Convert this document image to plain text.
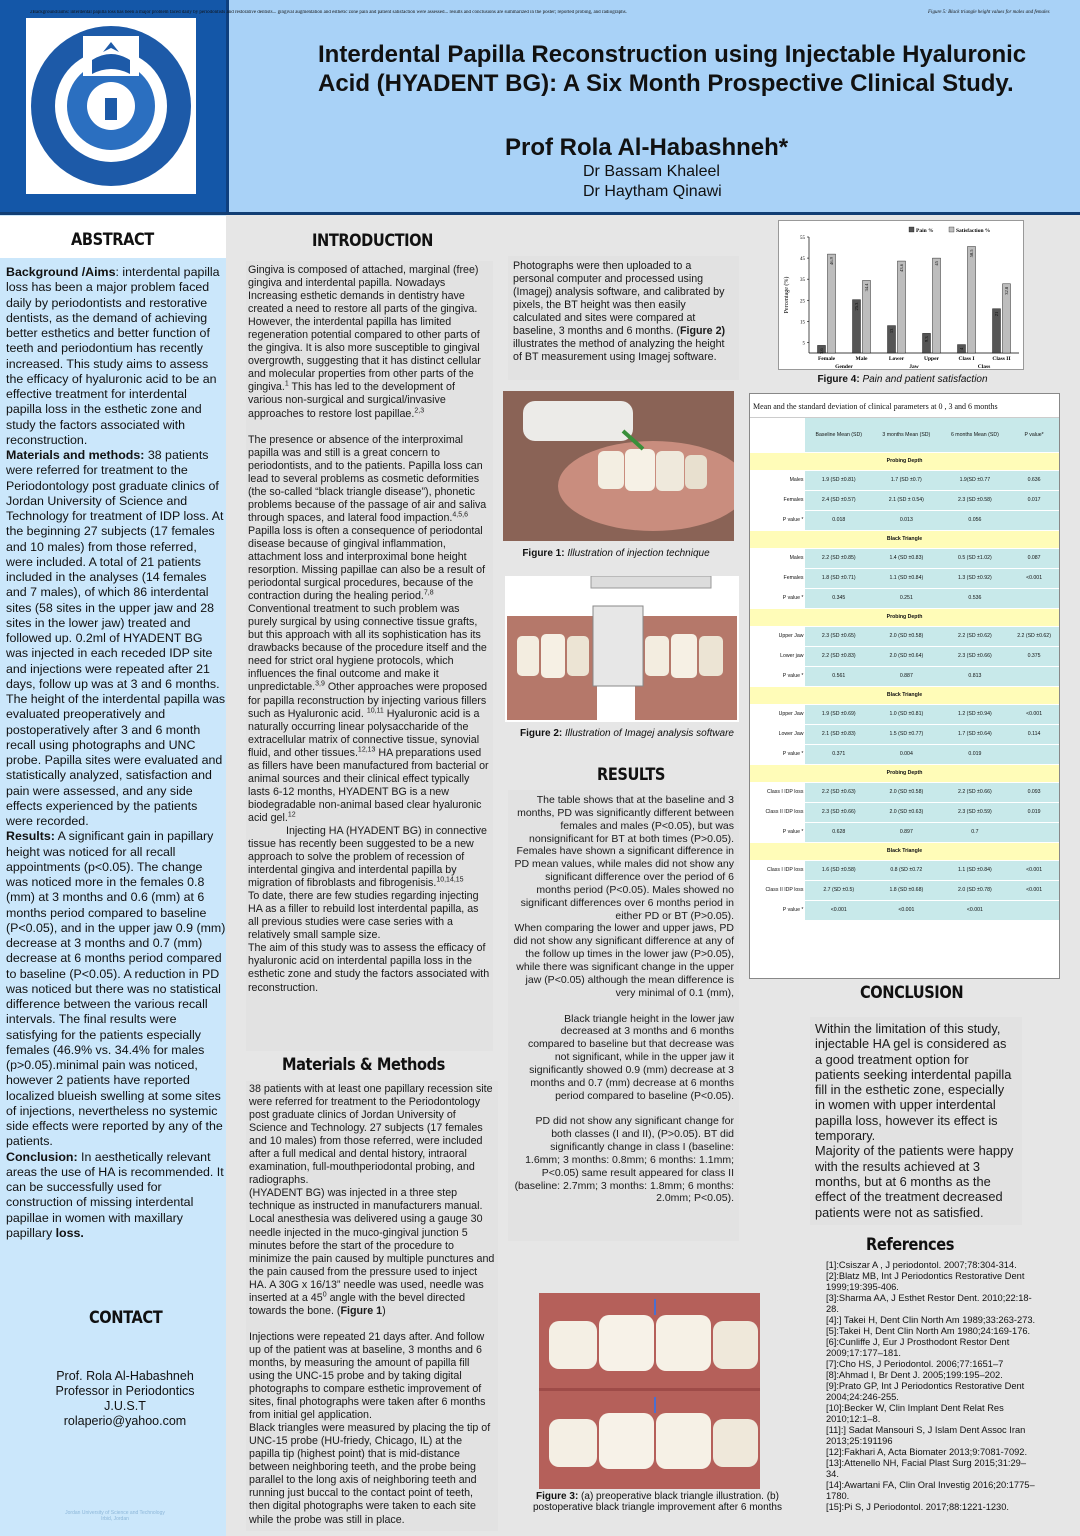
2Background/aims: interdental papilla loss has been a major problem faced daily by periodontists and restorative dentists... gingival augmentation and esthetic zone pain and patient satisfaction were assessed... results and conclusions are summarized in the poster; reported probing, and radiographs.	Figure 5: Black triangle height values for males and females
Interdental Papilla Reconstruction using Injectable Hyaluronic Acid (HYADENT BG): A Six Month Prospective Clinical Study.
Prof Rola Al-Habashneh*
Dr Bassam Khaleel
Dr Haytham Qinawi
ABSTRACT
Background /Aims: interdental papilla loss has been a major problem faced daily by periodontists and restorative dentists, as the demand of achieving better esthetics and better function of teeth and periodontium has recently increased. This study aims to assess the efficacy of hyaluronic acid to be an effective treatment for interdental papilla loss in the esthetic zone and study the factors associated with reconstruction.
Materials and methods: 38 patients were referred for treatment to the Periodontology post graduate clinics of Jordan University of Science and Technology for treatment of IDP loss. At the beginning 27 subjects (17 females and 10 males) from those referred, were included. A total of 21 patients included in the analyses (14 females and 7 males), of which 86 interdental sites (58 sites in the upper jaw and 28 sites in the lower jaw) treated and followed up. 0.2ml of HYADENT BG was injected in each receded IDP site and injections were repeated after 21 days, follow up was at 3 and 6 months. The height of the interdental papilla was evaluated preoperatively and postoperatively after 3 and 6 month recall using photographs and UNC probe. Papilla sites were evaluated and statistically analyzed, satisfaction and pain were assessed, and any side effects experienced by the patients were recorded.
Results: A significant gain in papillary height was noticed for all recall appointments (p<0.05). The change was noticed more in the females 0.8 (mm) at 3 months and 0.6 (mm) at 6 months period compared to baseline (P<0.05), and in the upper jaw 0.9 (mm) decrease at 3 months and 0.7 (mm) decrease at 6 months period compared to baseline (P<0.05). A reduction in PD was noticed but there was no statistical difference between the various recall intervals. The final results were satisfying for the patients especially females (46.9% vs. 34.4% for males (p>0.05).minimal pain was noticed, however 2 patients have reported localized blueish swelling at some sites of injections, nevertheless no systemic side effects were reported by any of the patients.
Conclusion: In aesthetically relevant areas the use of HA is recommended. It can be successfully used for construction of missing interdental papillae in women with maxillary papillary loss.
CONTACT
Prof. Rola Al-Habashneh
Professor in Periodontics
J.U.S.T
rolaperio@yahoo.com
Jordan University of Science and Technology Irbid, Jordan
INTRODUCTION

Gingiva is composed of attached, marginal (free) gingiva and interdental papilla. Nowadays Increasing esthetic demands in dentistry have created a need to restore all parts of the gingiva. However, the interdental papilla has limited regeneration potential compared to other parts of the gingiva. It is also more susceptible to gingival overgrowth, suggesting that it has distinct cellular and molecular properties from other parts of the gingiva.$^1$ This has led to the development of various non-surgical and surgical/invasive approaches to restore lost papillae.$^{2,3}$

The presence or absence of the interproximal papilla was and still is a great concern to periodontists, and to the patients. Papilla loss can lead to several problems as cosmetic deformities (the so-called “black triangle disease”), phonetic problems because of the passage of air and saliva through spaces, and lateral food impaction.$^{4,5,6}$ Papilla loss is often a consequence of periodontal disease because of gingival inflammation, attachment loss and interproximal bone height resorption. Missing papillae can also be a result of periodontal surgical procedures, because of the contraction during the healing period.$^{7,8}$

Conventional treatment to such problem was purely surgical by using connective tissue grafts, but this approach with all its sophistication has its drawbacks because of the procedure itself and the need for strict oral hygiene protocols, which influences the final outcome and make it unpredictable.$^{3,9}$ Other approaches were proposed for papilla reconstruction by injecting various fillers such as Hyaluronic acid. $^{10,11}$ Hyaluronic acid is a naturally occurring linear polysaccharide of the extracellular matrix of connective tissue, synovial fluid, and other tissues.$^{12,13}$ HA preparations used as fillers have been manufactured from bacterial or animal sources and their clinical effect typically lasts 6-12 months, HYADENT BG is a new biodegradable non-animal based clear hyaluronic acid gel.$^{12}$

Injecting HA (HYADENT BG) in connective tissue has recently been suggested to be a new approach to solve the problem of recession of interdental gingiva and interdental papilla by migration of fibroblasts and fibrogenisis.$^{10,14,15}$

To date, there are few studies regarding injecting HA as a filler to rebuild lost interdental papilla, as all previous studies were case series with a relatively small sample size.

The aim of this study was to assess the efficacy of hyaluronic acid on interdental papilla loss in the esthetic zone and study the factors associated with reconstruction.

Materials & Methods

38 patients with at least one papillary recession site were referred for treatment to the Periodontology post graduate clinics of Jordan University of Science and Technology. 27 subjects (17 females and 10 males) from those referred, were included after a full medical and dental history, intraoral examination, full-mouthperiodontal probing, and radiographs.

(HYADENT BG) was injected in a three step technique as instructed in manufacturers manual. Local anesthesia was delivered using a gauge 30 needle injected in the muco-gingival junction 5 minutes before the start of the procedure to minimize the pain caused by multiple punctures and the pain caused from the pressure used to inject HA. A 30G x 16/13” needle was used, needle was inserted at a $45^0$ angle with the bevel directed towards the bone. (Figure 1)

Injections were repeated 21 days after. And follow up of the patient was at baseline, 3 months and 6 months, by measuring the amount of papilla fill using the UNC-15 probe and by taking digital photographs to compare esthetic improvement of sites, final photographs were taken after 6 months from initial gel application.

Black triangles were measured by placing the tip of UNC-15 probe (HU-friedy, Chicago, IL) at the papilla tip (highest point) that is mid-distance between neighboring teeth, and the probe being parallel to the long axis of neighboring teeth and running just buccal to the contact point of teeth, then digital photographs were taken to each site while the probe was still in place.

Photographs were then uploaded to a personal computer and processed using (Imagej) analysis software, and calibrated by pixels, the BT height was then easily calculated and sites were compared at baseline, 3 months and 6 months. (Figure 2) illustrates the method of analyzing the height of BT measurement using Imagej software.
Figure 1: Illustration of injection technique
Figure 2: Illustration of Imagej analysis software
RESULTS

The table shows that at the baseline and 3 months, PD was significantly different between females and males (P<0.05), but was nonsignificant for BT at both times (P>0.05). Females have shown a significant difference in PD mean values, while males did not show any significant difference over the period of 6 months period (P<0.05). Males showed no significant differences over 6 months period in either PD or BT (P>0.05).

When comparing the lower and upper jaws, PD did not show any significant difference at any of the follow up times in the lower jaw (P>0.05), while there was significant change in the upper jaw (P<0.05) although the mean difference is very minimal of 0.1 (mm),

Black triangle height in the lower jaw decreased at 3 months and 6 months compared to baseline but that decrease was not significant, while in the upper jaw it significantly showed 0.9 (mm) decrease at 3 months and 0.7 (mm) decrease at 6 months period compared to baseline (P<0.05).

PD did not show any significant change for both classes (I and II), (P>0.05). BT did significantly change in class I (baseline: 1.6mm; 3 months: 0.8mm; 6 months: 1.1mm; P<0.05) same result appeared for class II (baseline: 2.7mm; 3 months: 1.8mm; 6 months: 2.0mm; P<0.05).

Figure 3: (a) preoperative black triangle illustration. (b) postoperative black triangle improvement after 6 months
5
15
25
35
45
55
Percentage (%)
Pain %	Satisfaction %
3.6
46.9
Female
25.3
34.4
Male
13
43.6
Lower
9.3
45
Upper
4
50.5
Class I
21
32.8
Class II
Gender	Jaw	Class
Figure 4: Pain and patient satisfaction
Mean and the standard deviation of clinical parameters at 0 , 3 and 6 months
	Baseline Mean (SD)	3 months Mean (SD)	6 months Mean (SD)	P value*
Probing Depth				
Males	1.9 (SD ±0.81)	1.7 (SD ±0.7)	1.9(SD ±0.77	0.636
Females	2.4 (SD ±0.57)	2.1 (SD ± 0.54)	2.3 (SD ±0.58)	0.017
P value *	0.018	0.013	0.056	
Black Triangle				
Males	2.2 (SD ±0.85)	1.4 (SD ±0.83)	0.5 (SD ±1.02)	0.087
Females	1.8 (SD ±0.71)	1.1 (SD ±0.84)	1.3 (SD ±0.92)	<0.001
P value *	0.345	0.251	0.536	
Probing Depth				
Upper Jaw	2.3 (SD ±0.65)	2.0 (SD ±0.58)	2.2 (SD ±0.62)	2.2 (SD ±0.62)
Lower jaw	2.2 (SD ±0.83)	2.0 (SD ±0.64)	2.3 (SD ±0.66)	0.375
P value *	0.561	0.887	0.813	
Black Triangle				
Upper Jaw	1.9 (SD ±0.69)	1.0 (SD ±0.81)	1.2 (SD ±0.94)	<0.001
Lower Jaw	2.1 (SD ±0.83)	1.5 (SD ±0.77)	1.7 (SD ±0.64)	0.114
P value *	0.371	0.004	0.019	
Probing Depth				
Class I IDP loss	2.2 (SD ±0.63)	2.0 (SD ±0.58)	2.2 (SD ±0.66)	0.093
Class II IDP loss	2.3 (SD ±0.66)	2.0 (SD ±0.63)	2.3 (SD ±0.59)	0.019
P value *	0.628	0.897	0.7	
Black Triangle				
Class I IDP loss	1.6 (SD ±0.58)	0.8 (SD ±0.72	1.1 (SD ±0.84)	<0.001
Class II IDP loss	2.7 (SD ±0.5)	1.8 (SD ±0.68)	2.0 (SD ±0.78)	<0.001
P value *	<0.001	<0.001	<0.001	
CONCLUSION

Within the limitation of this study, injectable HA gel is considered as a good treatment option for patients seeking interdental papilla fill in the esthetic zone, especially in women with upper interdental papilla loss, however its effect is temporary.

Majority of the patients were happy with the results achieved at 3 months, but at 6 months as the effect of the treatment decreased patients were not as satisfied.

References
[1]:Csiszar A , J periodontol. 2007;78:304-314.
[2]:Blatz MB, Int J Periodontics Restorative Dent 1999;19:395-406.
[3]:Sharma AA, J Esthet Restor Dent. 2010;22:18-28.
[4]:] Takei H, Dent Clin North Am 1989;33:263-273.
[5]:Takei H, Dent Clin North Am 1980;24:169-176.
[6]:Cunliffe J, Eur J Prosthodont Restor Dent 2009;17:177–181.
[7]:Cho HS, J Periodontol. 2006;77:1651–7
[8]:Ahmad I, Br Dent J. 2005;199:195–202.
[9]:Prato GP, Int J Periodontics Restorative Dent 2004;24:246-255.
[10]:Becker W, Clin Implant Dent Relat Res 2010;12:1–8.
[11]:] Sadat Mansouri S, J Islam Dent Assoc Iran 2013;25:191196
[12]:Fakhari A, Acta Biomater 2013;9:7081-7092.
[13]:Attenello NH, Facial Plast Surg 2015;31:29–34.
[14]:Awartani FA, Clin Oral Investig 2016;20:1775–1780.
[15]:Pi S, J Periodontol. 2017;88:1221-1230.
